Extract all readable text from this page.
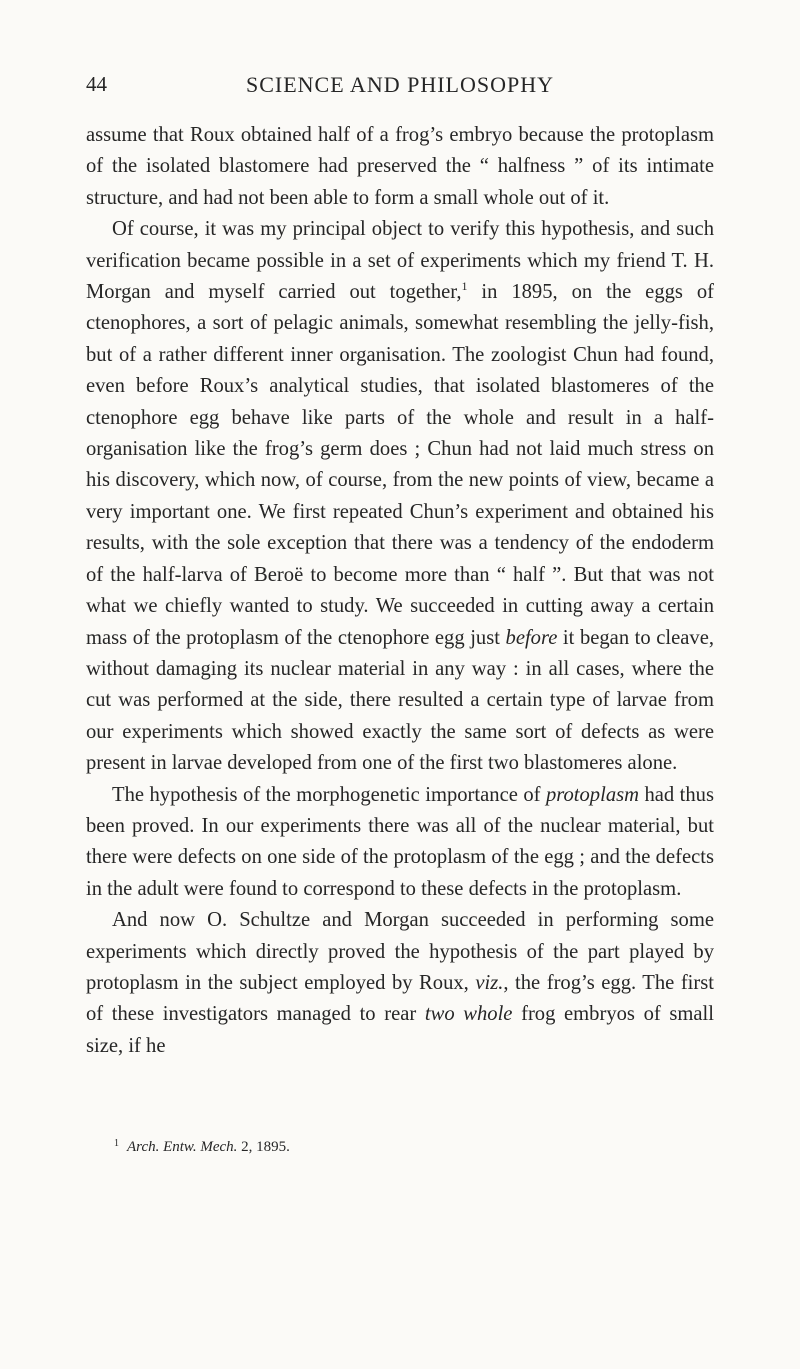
44	SCIENCE AND PHILOSOPHY

assume that Roux obtained half of a frog’s embryo because the protoplasm of the isolated blastomere had preserved the “ halfness ” of its intimate structure, and had not been able to form a small whole out of it.

Of course, it was my principal object to verify this hypothesis, and such verification became possible in a set of experiments which my friend T. H. Morgan and myself carried out together,$^1$ in 1895, on the eggs of ctenophores, a sort of pelagic animals, somewhat resembling the jelly-fish, but of a rather different inner organisation. The zoologist Chun had found, even before Roux’s analytical studies, that isolated blastomeres of the ctenophore egg behave like parts of the whole and result in a half-organisation like the frog’s germ does ; Chun had not laid much stress on his discovery, which now, of course, from the new points of view, became a very important one. We first repeated Chun’s experiment and obtained his results, with the sole exception that there was a tendency of the endoderm of the half-larva of Beroë to become more than “ half ”. But that was not what we chiefly wanted to study. We succeeded in cutting away a certain mass of the protoplasm of the ctenophore egg just before it began to cleave, without damaging its nuclear material in any way : in all cases, where the cut was performed at the side, there resulted a certain type of larvae from our experiments which showed exactly the same sort of defects as were present in larvae developed from one of the first two blastomeres alone.

The hypothesis of the morphogenetic importance of protoplasm had thus been proved. In our experiments there was all of the nuclear material, but there were defects on one side of the protoplasm of the egg ; and the defects in the adult were found to correspond to these defects in the protoplasm.

And now O. Schultze and Morgan succeeded in performing some experiments which directly proved the hypothesis of the part played by protoplasm in the subject employed by Roux, viz., the frog’s egg. The first of these investigators managed to rear two whole frog embryos of small size, if he

$^1$ Arch. Entw. Mech. 2, 1895.
